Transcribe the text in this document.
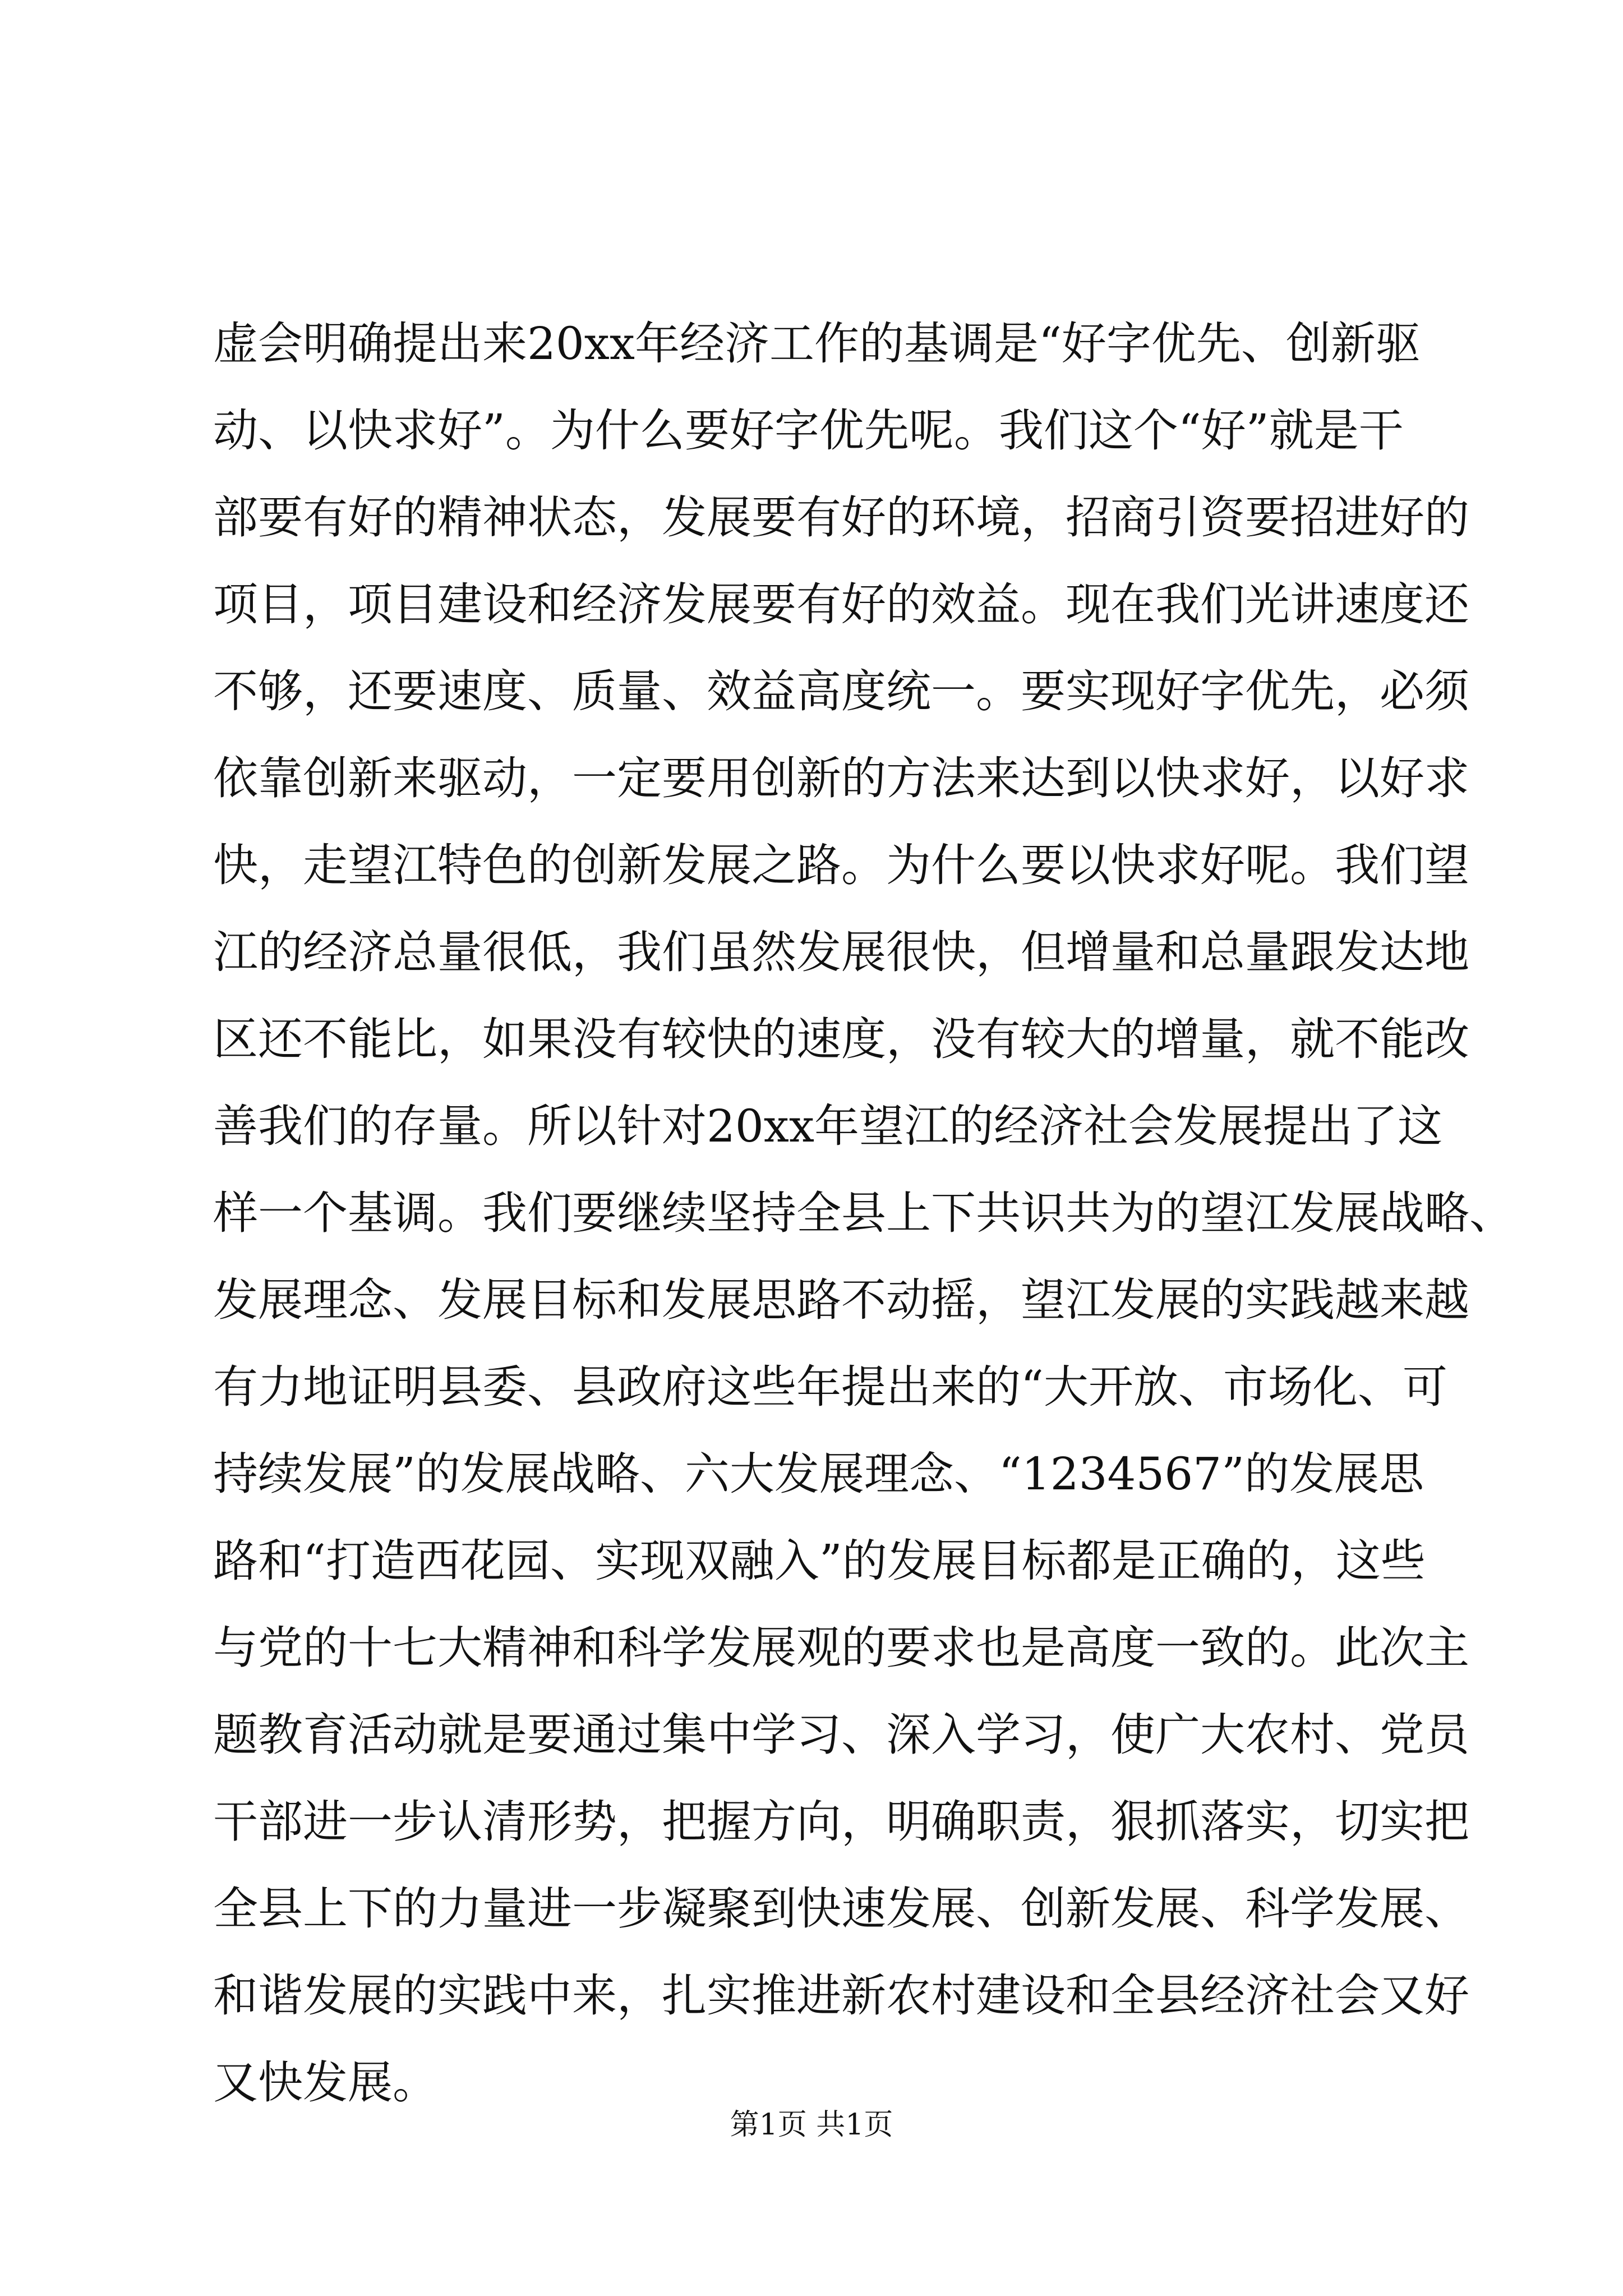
虚会明确提出来20xx年经济工作的基调是“好字优先、创新驱
动、以快求好”。为什么要好字优先呢。我们这个“好”就是干
部要有好的精神状态，发展要有好的环境，招商引资要招进好的
项目，项目建设和经济发展要有好的效益。现在我们光讲速度还
不够，还要速度、质量、效益高度统一。要实现好字优先，必须
依靠创新来驱动，一定要用创新的方法来达到以快求好，以好求
快，走望江特色的创新发展之路。为什么要以快求好呢。我们望
江的经济总量很低，我们虽然发展很快，但增量和总量跟发达地
区还不能比，如果没有较快的速度，没有较大的增量，就不能改
善我们的存量。所以针对20xx年望江的经济社会发展提出了这
样一个基调。我们要继续坚持全县上下共识共为的望江发展战略、
发展理念、发展目标和发展思路不动摇，望江发展的实践越来越
有力地证明县委、县政府这些年提出来的“大开放、市场化、可
持续发展”的发展战略、六大发展理念、“1234567”的发展思
路和“打造西花园、实现双融入”的发展目标都是正确的，这些
与党的十七大精神和科学发展观的要求也是高度一致的。此次主
题教育活动就是要通过集中学习、深入学习，使广大农村、党员
干部进一步认清形势，把握方向，明确职责，狠抓落实，切实把
全县上下的力量进一步凝聚到快速发展、创新发展、科学发展、
和谐发展的实践中来，扎实推进新农村建设和全县经济社会又好
又快发展。
第1页 共1页
